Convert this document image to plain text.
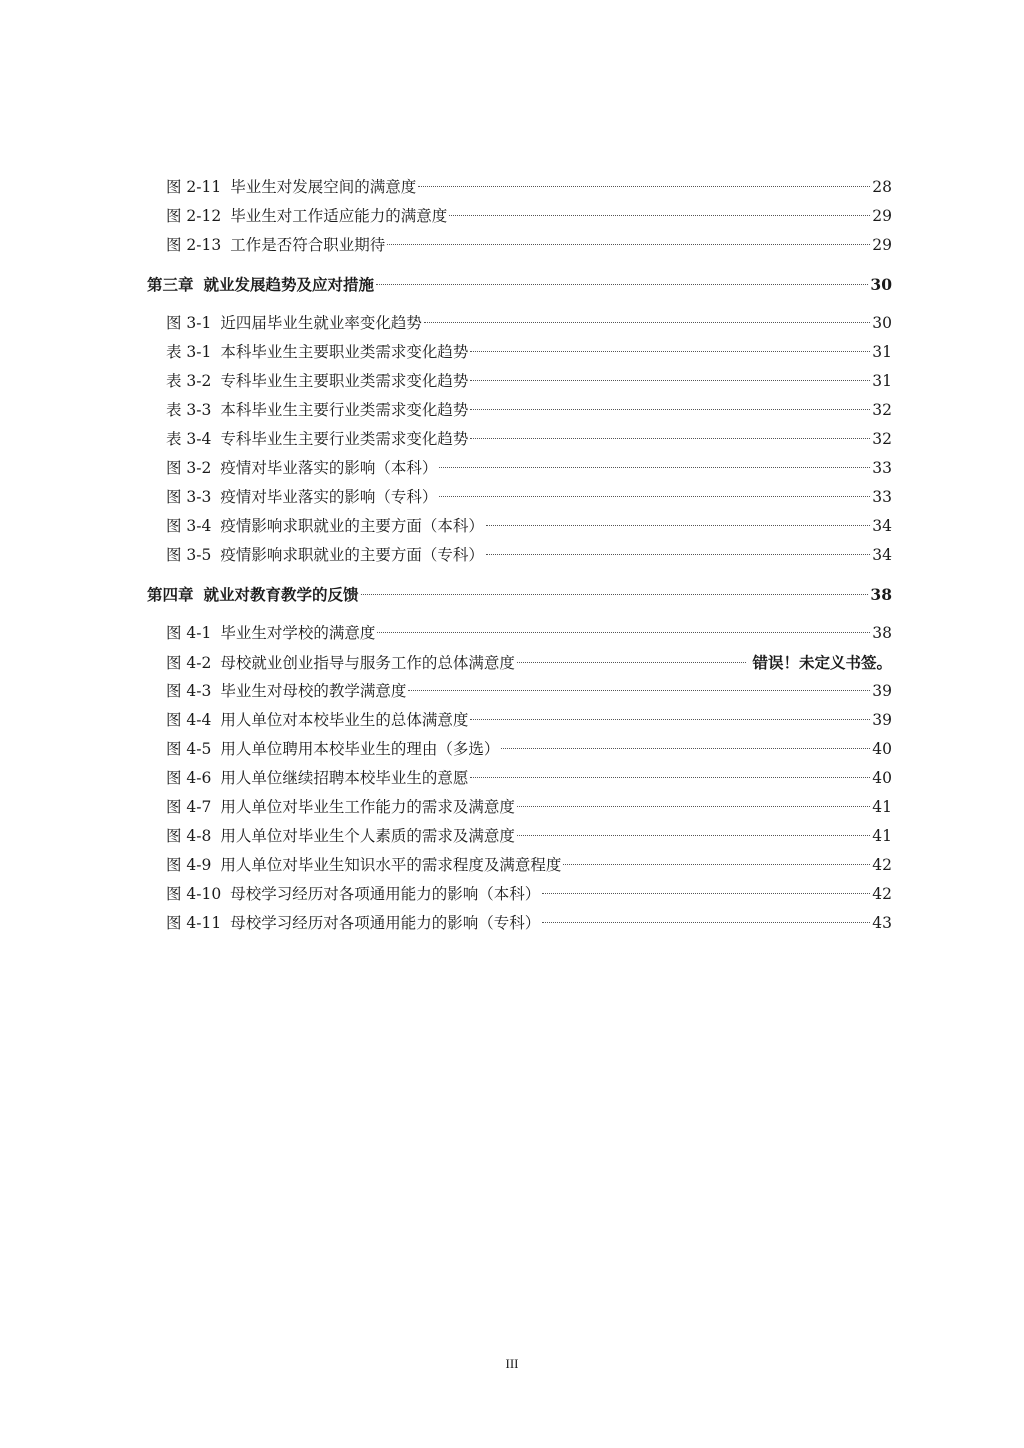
图 2-11 毕业生对发展空间的满意度	28
图 2-12 毕业生对工作适应能力的满意度	29
图 2-13 工作是否符合职业期待	29
第三章 就业发展趋势及应对措施	30
图 3-1 近四届毕业生就业率变化趋势	30
表 3-1 本科毕业生主要职业类需求变化趋势	31
表 3-2 专科毕业生主要职业类需求变化趋势	31
表 3-3 本科毕业生主要行业类需求变化趋势	32
表 3-4 专科毕业生主要行业类需求变化趋势	32
图 3-2 疫情对毕业落实的影响（本科）	33
图 3-3 疫情对毕业落实的影响（专科）	33
图 3-4 疫情影响求职就业的主要方面（本科）	34
图 3-5 疫情影响求职就业的主要方面（专科）	34
第四章 就业对教育教学的反馈	38
图 4-1 毕业生对学校的满意度	38
图 4-2 母校就业创业指导与服务工作的总体满意度	错误！未定义书签。
图 4-3 毕业生对母校的教学满意度	39
图 4-4 用人单位对本校毕业生的总体满意度	39
图 4-5 用人单位聘用本校毕业生的理由（多选）	40
图 4-6 用人单位继续招聘本校毕业生的意愿	40
图 4-7 用人单位对毕业生工作能力的需求及满意度	41
图 4-8 用人单位对毕业生个人素质的需求及满意度	41
图 4-9 用人单位对毕业生知识水平的需求程度及满意程度	42
图 4-10 母校学习经历对各项通用能力的影响（本科）	42
图 4-11 母校学习经历对各项通用能力的影响（专科）	43
III
